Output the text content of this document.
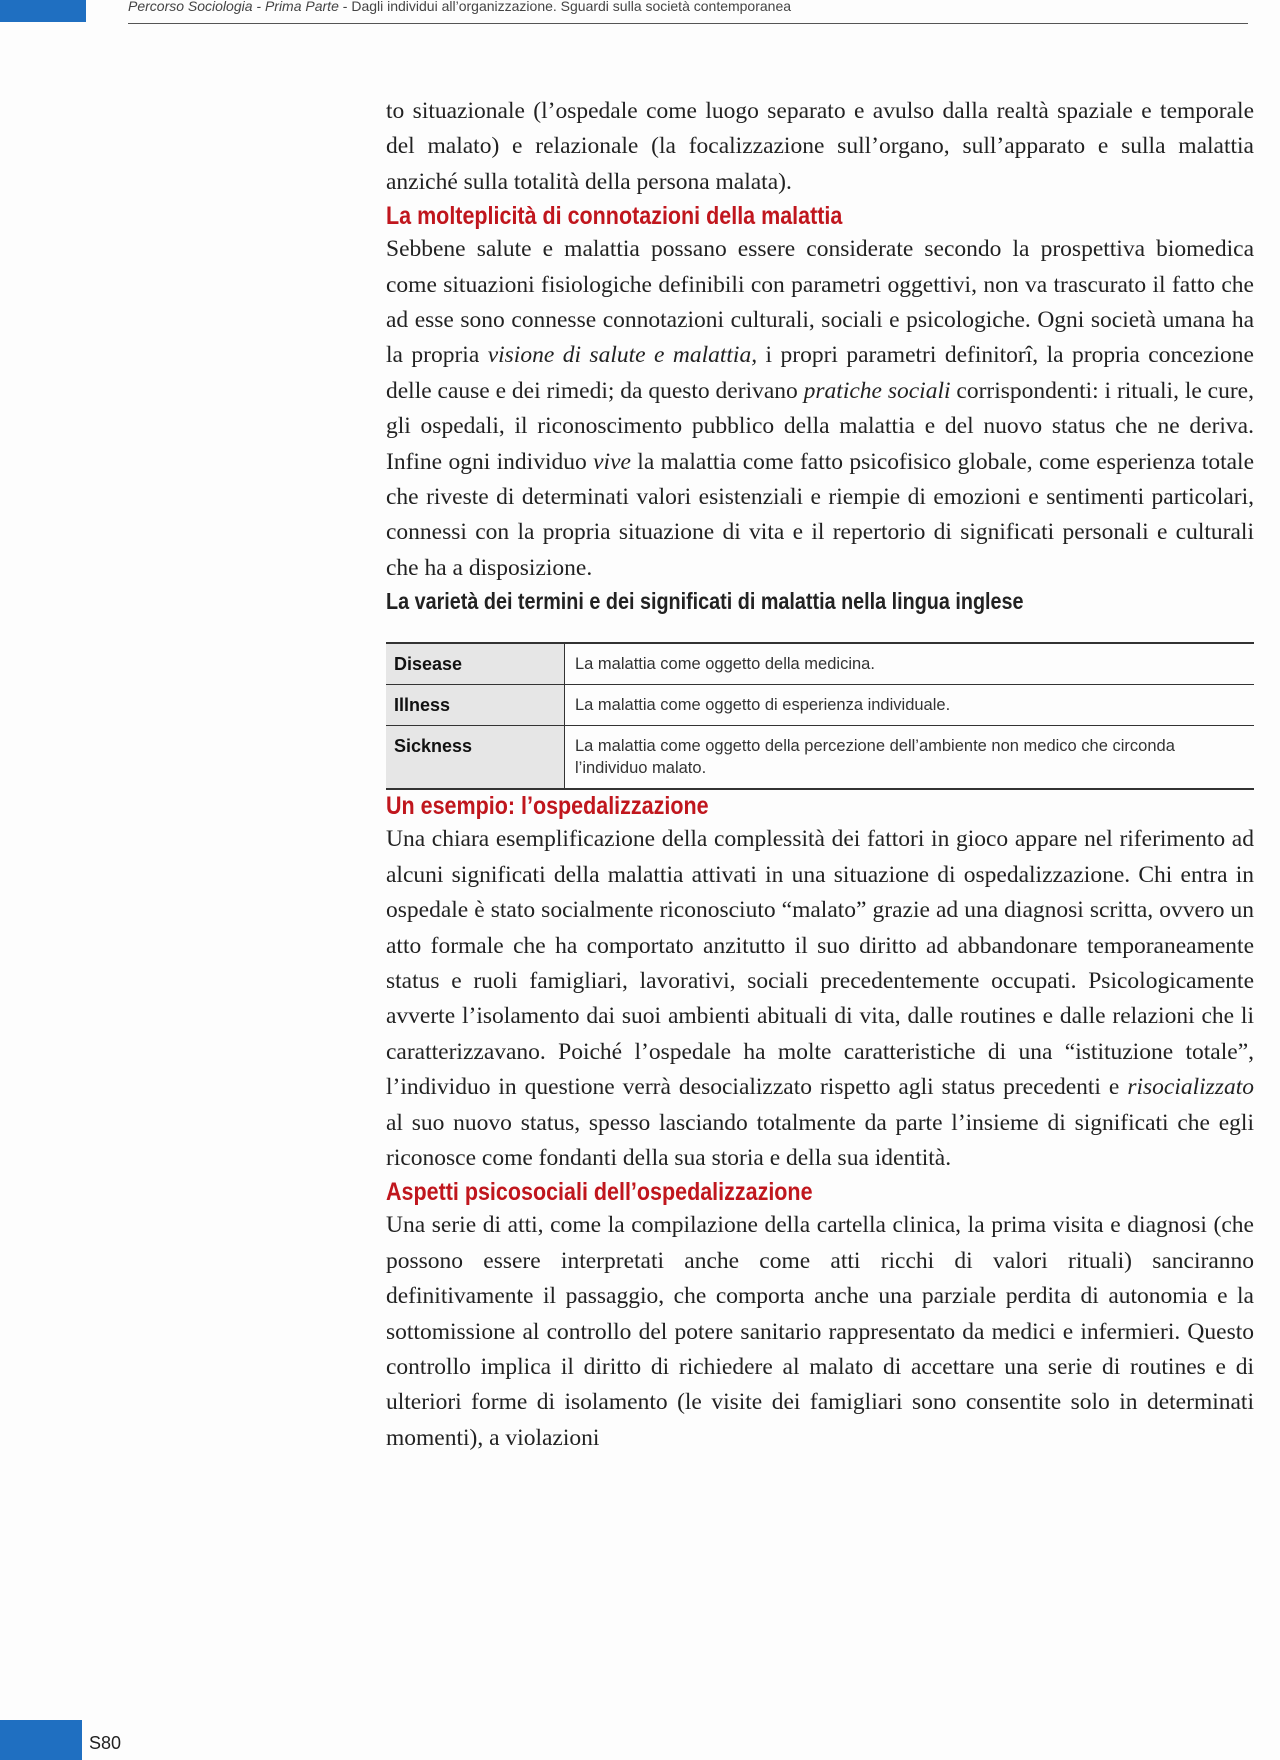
Percorso Sociologia - Prima Parte - Dagli individui all’organizzazione. Sguardi sulla società contemporanea

to situazionale (l’ospedale come luogo separato e avulso dalla realtà spaziale e temporale del malato) e relazionale (la focalizzazione sull’organo, sull’apparato e sulla malattia anziché sulla totalità della persona malata).

La molteplicità di connotazioni della malattia

Sebbene salute e malattia possano essere considerate secondo la prospettiva biomedica come situazioni fisiologiche definibili con parametri oggettivi, non va trascurato il fatto che ad esse sono connesse connotazioni culturali, sociali e psicologiche. Ogni società umana ha la propria visione di salute e malattia, i propri parametri definitorî, la propria concezione delle cause e dei rimedi; da questo derivano pratiche sociali corrispondenti: i rituali, le cure, gli ospedali, il riconoscimento pubblico della malattia e del nuovo status che ne deriva. Infine ogni individuo vive la malattia come fatto psicofisico globale, come esperienza totale che riveste di determinati valori esistenziali e riempie di emozioni e sentimenti particolari, connessi con la propria situazione di vita e il repertorio di significati personali e culturali che ha a disposizione.

La varietà dei termini e dei significati di malattia nella lingua inglese
Disease	La malattia come oggetto della medicina.
Illness	La malattia come oggetto di esperienza individuale.
Sickness	La malattia come oggetto della percezione dell’ambiente non medico che circonda l’individuo malato.
Un esempio: l’ospedalizzazione

Una chiara esemplificazione della complessità dei fattori in gioco appare nel riferimento ad alcuni significati della malattia attivati in una situazione di ospedalizzazione. Chi entra in ospedale è stato socialmente riconosciuto “malato” grazie ad una diagnosi scritta, ovvero un atto formale che ha comportato anzitutto il suo diritto ad abbandonare temporaneamente status e ruoli famigliari, lavorativi, sociali precedentemente occupati. Psicologicamente avverte l’isolamento dai suoi ambienti abituali di vita, dalle routines e dalle relazioni che li caratterizzavano. Poiché l’ospedale ha molte caratteristiche di una “istituzione totale”, l’individuo in questione verrà desocializzato rispetto agli status precedenti e risocializzato al suo nuovo status, spesso lasciando totalmente da parte l’insieme di significati che egli riconosce come fondanti della sua storia e della sua identità.

Aspetti psicosociali dell’ospedalizzazione

Una serie di atti, come la compilazione della cartella clinica, la prima visita e diagnosi (che possono essere interpretati anche come atti ricchi di valori rituali) sanciranno definitivamente il passaggio, che comporta anche una parziale perdita di autonomia e la sottomissione al controllo del potere sanitario rappresentato da medici e infermieri. Questo controllo implica il diritto di richiedere al malato di accettare una serie di routines e di ulteriori forme di isolamento (le visite dei famigliari sono consentite solo in determinati momenti), a violazioni

S80
